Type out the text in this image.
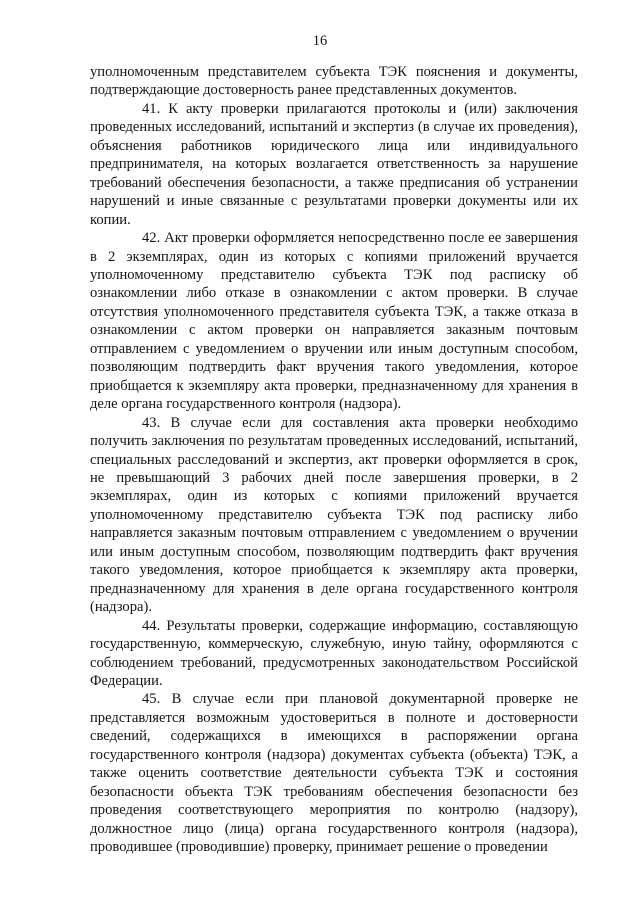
16

уполномоченным представителем субъекта ТЭК пояснения и документы, подтверждающие достоверность ранее представленных документов.

41. К акту проверки прилагаются протоколы и (или) заключения проведенных исследований, испытаний и экспертиз (в случае их проведения), объяснения работников юридического лица или индивидуального предпринимателя, на которых возлагается ответственность за нарушение требований обеспечения безопасности, а также предписания об устранении нарушений и иные связанные с результатами проверки документы или их копии.

42. Акт проверки оформляется непосредственно после ее завершения в 2 экземплярах, один из которых с копиями приложений вручается уполномоченному представителю субъекта ТЭК под расписку об ознакомлении либо отказе в ознакомлении с актом проверки. В случае отсутствия уполномоченного представителя субъекта ТЭК, а также отказа в ознакомлении с актом проверки он направляется заказным почтовым отправлением с уведомлением о вручении или иным доступным способом, позволяющим подтвердить факт вручения такого уведомления, которое приобщается к экземпляру акта проверки, предназначенному для хранения в деле органа государственного контроля (надзора).

43. В случае если для составления акта проверки необходимо получить заключения по результатам проведенных исследований, испытаний, специальных расследований и экспертиз, акт проверки оформляется в срок, не превышающий 3 рабочих дней после завершения проверки, в 2 экземплярах, один из которых с копиями приложений вручается уполномоченному представителю субъекта ТЭК под расписку либо направляется заказным почтовым отправлением с уведомлением о вручении или иным доступным способом, позволяющим подтвердить факт вручения такого уведомления, которое приобщается к экземпляру акта проверки, предназначенному для хранения в деле органа государственного контроля (надзора).

44. Результаты проверки, содержащие информацию, составляющую государственную, коммерческую, служебную, иную тайну, оформляются с соблюдением требований, предусмотренных законодательством Российской Федерации.

45. В случае если при плановой документарной проверке не представляется возможным удостовериться в полноте и достоверности сведений, содержащихся в имеющихся в распоряжении органа государственного контроля (надзора) документах субъекта (объекта) ТЭК, а также оценить соответствие деятельности субъекта ТЭК и состояния безопасности объекта ТЭК требованиям обеспечения безопасности без проведения соответствующего мероприятия по контролю (надзору), должностное лицо (лица) органа государственного контроля (надзора), проводившее (проводившие) проверку, принимает решение о проведении
